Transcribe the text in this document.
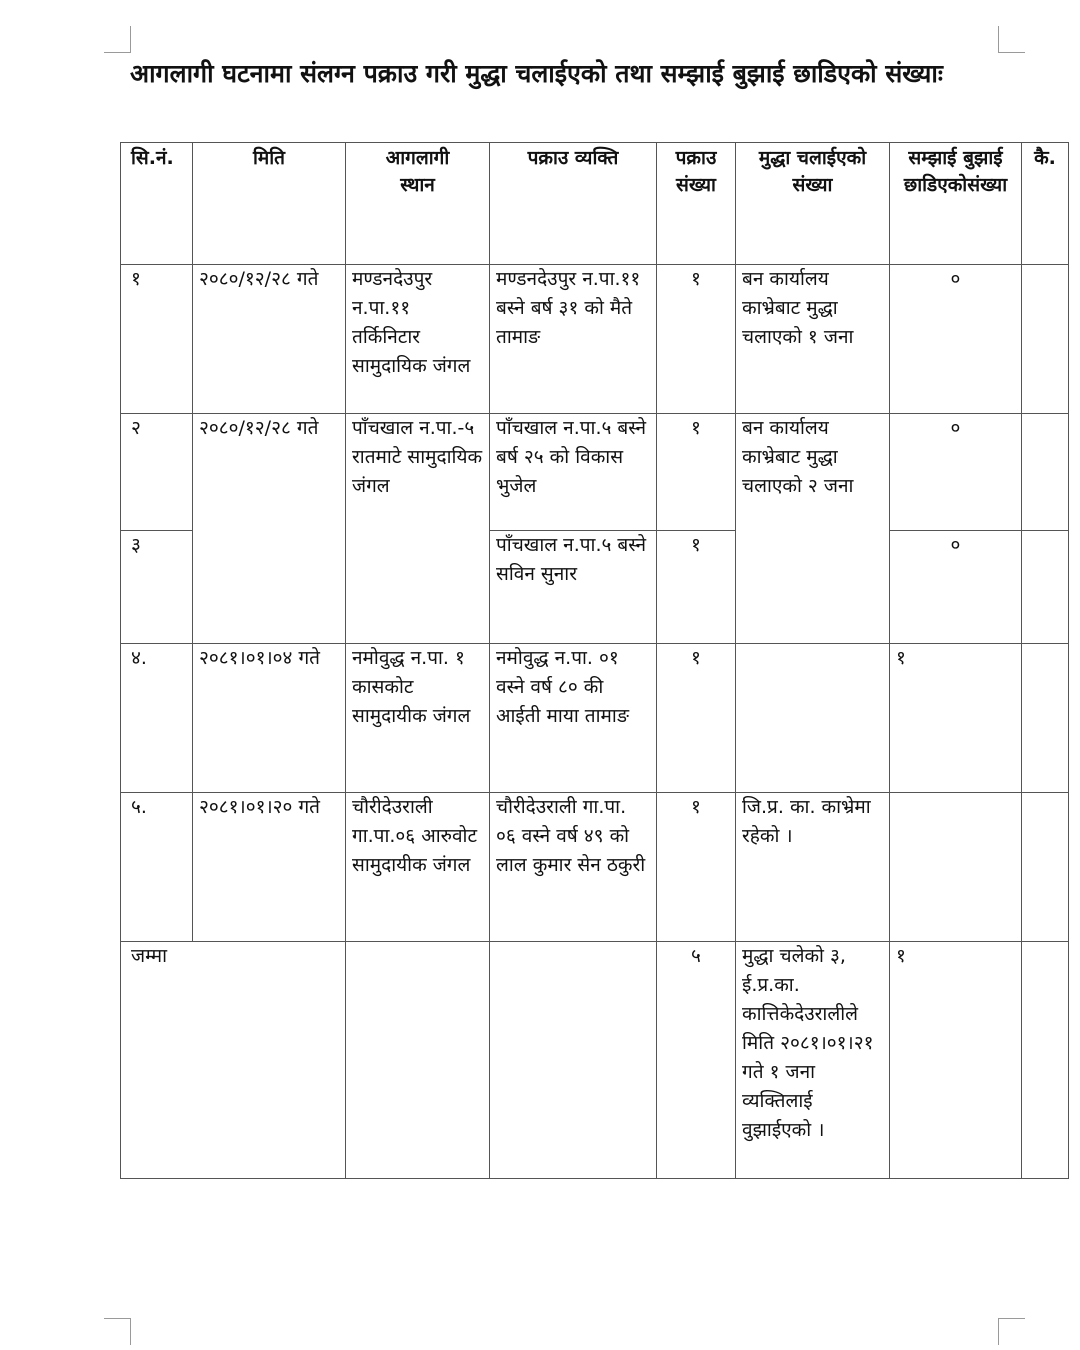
आगलागी घटनामा संलग्न पक्राउ गरी मुद्धा चलाईएको तथा सम्झाई बुझाई छाडिएको संख्याः
सि.नं.	मिति	आगलागी स्थान	पक्राउ व्यक्ति	पक्राउ संख्या	मुद्धा चलाईएको संख्या	सम्झाई बुझाई छाडिएकोसंख्या	कै.
१	२०८०/१२/२८ गते	मण्डनदेउपुर न.पा.११ तर्किनिटार सामुदायिक जंगल	मण्डनदेउपुर न.पा.११ बस्ने बर्ष ३१ को मैते तामाङ	१	बन कार्यालय काभ्रेबाट मुद्धा चलाएको १ जना	०	
२	२०८०/१२/२८ गते	पाँचखाल न.पा.-५ रातमाटे सामुदायिक जंगल	पाँचखाल न.पा.५ बस्ने बर्ष २५ को विकास भुजेल	१	बन कार्यालय काभ्रेबाट मुद्धा चलाएको २ जना	०	
३			पाँचखाल न.पा.५ बस्ने सविन सुनार	१		०	
४.	२०८१।०१।०४ गते	नमोवुद्ध न.पा. १ कासकोट सामुदायीक जंगल	नमोवुद्ध न.पा. ०१ वस्ने वर्ष ८० की आईती माया तामाङ	१		१	
५.	२०८१।०१।२० गते	चौरीदेउराली गा.पा.०६ आरुवोट सामुदायीक जंगल	चौरीदेउराली गा.पा. ०६ वस्ने वर्ष ४९ को लाल कुमार सेन ठकुरी	१	जि.प्र. का. काभ्रेमा रहेको ।		
जम्मा				५	मुद्धा चलेको ३, ई.प्र.का. कात्तिकेदेउरालीले मिति २०८१।०१।२१ गते १ जना व्यक्तिलाई वुझाईएको ।	१	
